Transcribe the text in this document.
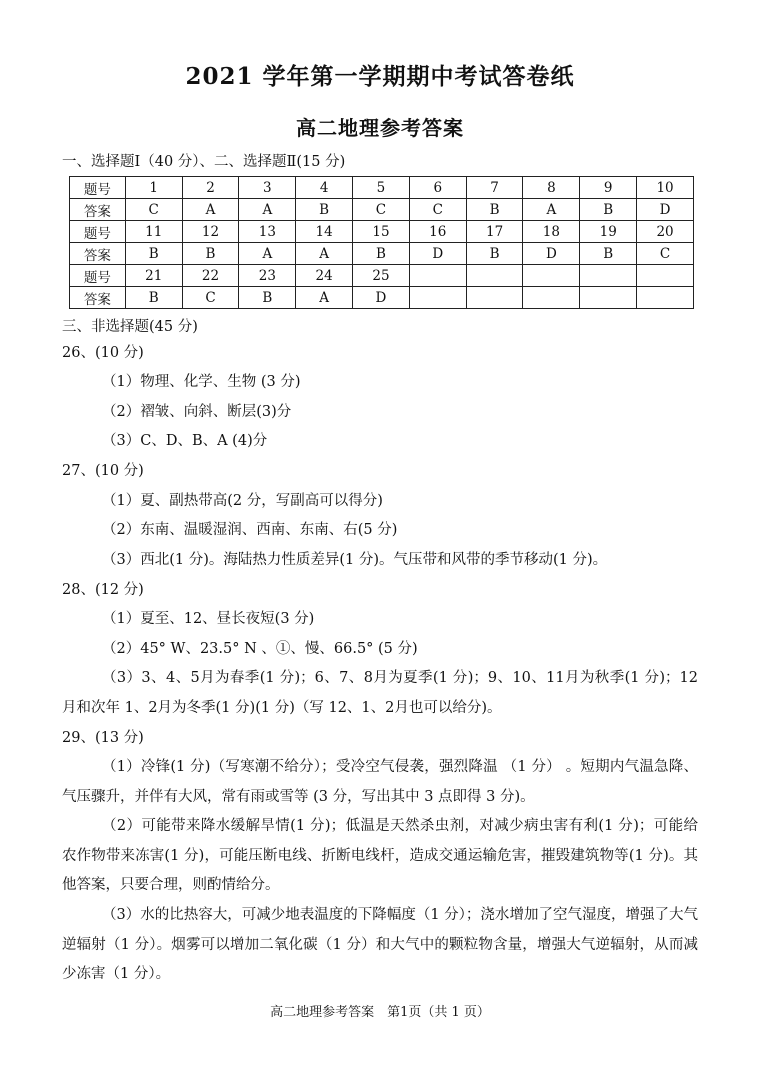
2021 学年第一学期期中考试答卷纸
高二地理参考答案
一、选择题Ⅰ（40 分）、二、选择题Ⅱ(15 分)
题号	1	2	3	4	5	6	7	8	9	10
答案	C	A	A	B	C	C	B	A	B	D
题号	11	12	13	14	15	16	17	18	19	20
答案	B	B	A	A	B	D	B	D	B	C
题号	21	22	23	24	25					
答案	B	C	B	A	D					
三、非选择题(45 分)
26、(10 分)
（1）物理、化学、生物 (3 分)
（2）褶皱、向斜、断层(3)分
（3）C、D、B、A (4)分
27、(10 分)
（1）夏、副热带高(2 分，写副高可以得分)
（2）东南、温暖湿润、西南、东南、右(5 分)
（3）西北(1 分)。海陆热力性质差异(1 分)。气压带和风带的季节移动(1 分)。
28、(12 分)
（1）夏至、12、昼长夜短(3 分)
（2）45° W、23.5° N 、①、慢、66.5° (5 分)
（3）3、4、5月为春季(1 分)；6、7、8月为夏季(1 分)；9、10、11月为秋季(1 分)；12月和次年 1、2月为冬季(1 分)(1 分)（写 12、1、2月也可以给分)。
29、(13 分)
（1）冷锋(1 分)（写寒潮不给分）；受冷空气侵袭，强烈降温 （1 分） 。短期内气温急降、气压骤升，并伴有大风，常有雨或雪等 (3 分，写出其中 3 点即得 3 分)。
（2）可能带来降水缓解旱情(1 分)；低温是天然杀虫剂，对减少病虫害有利(1 分)；可能给农作物带来冻害(1 分)，可能压断电线、折断电线杆，造成交通运输危害，摧毁建筑物等(1 分)。其他答案，只要合理，则酌情给分。
（3）水的比热容大，可减少地表温度的下降幅度（1 分）；浇水增加了空气湿度，增强了大气逆辐射（1 分）。烟雾可以增加二氧化碳（1 分）和大气中的颗粒物含量，增强大气逆辐射，从而减少冻害（1 分）。
高二地理参考答案　第1页（共 1 页）
